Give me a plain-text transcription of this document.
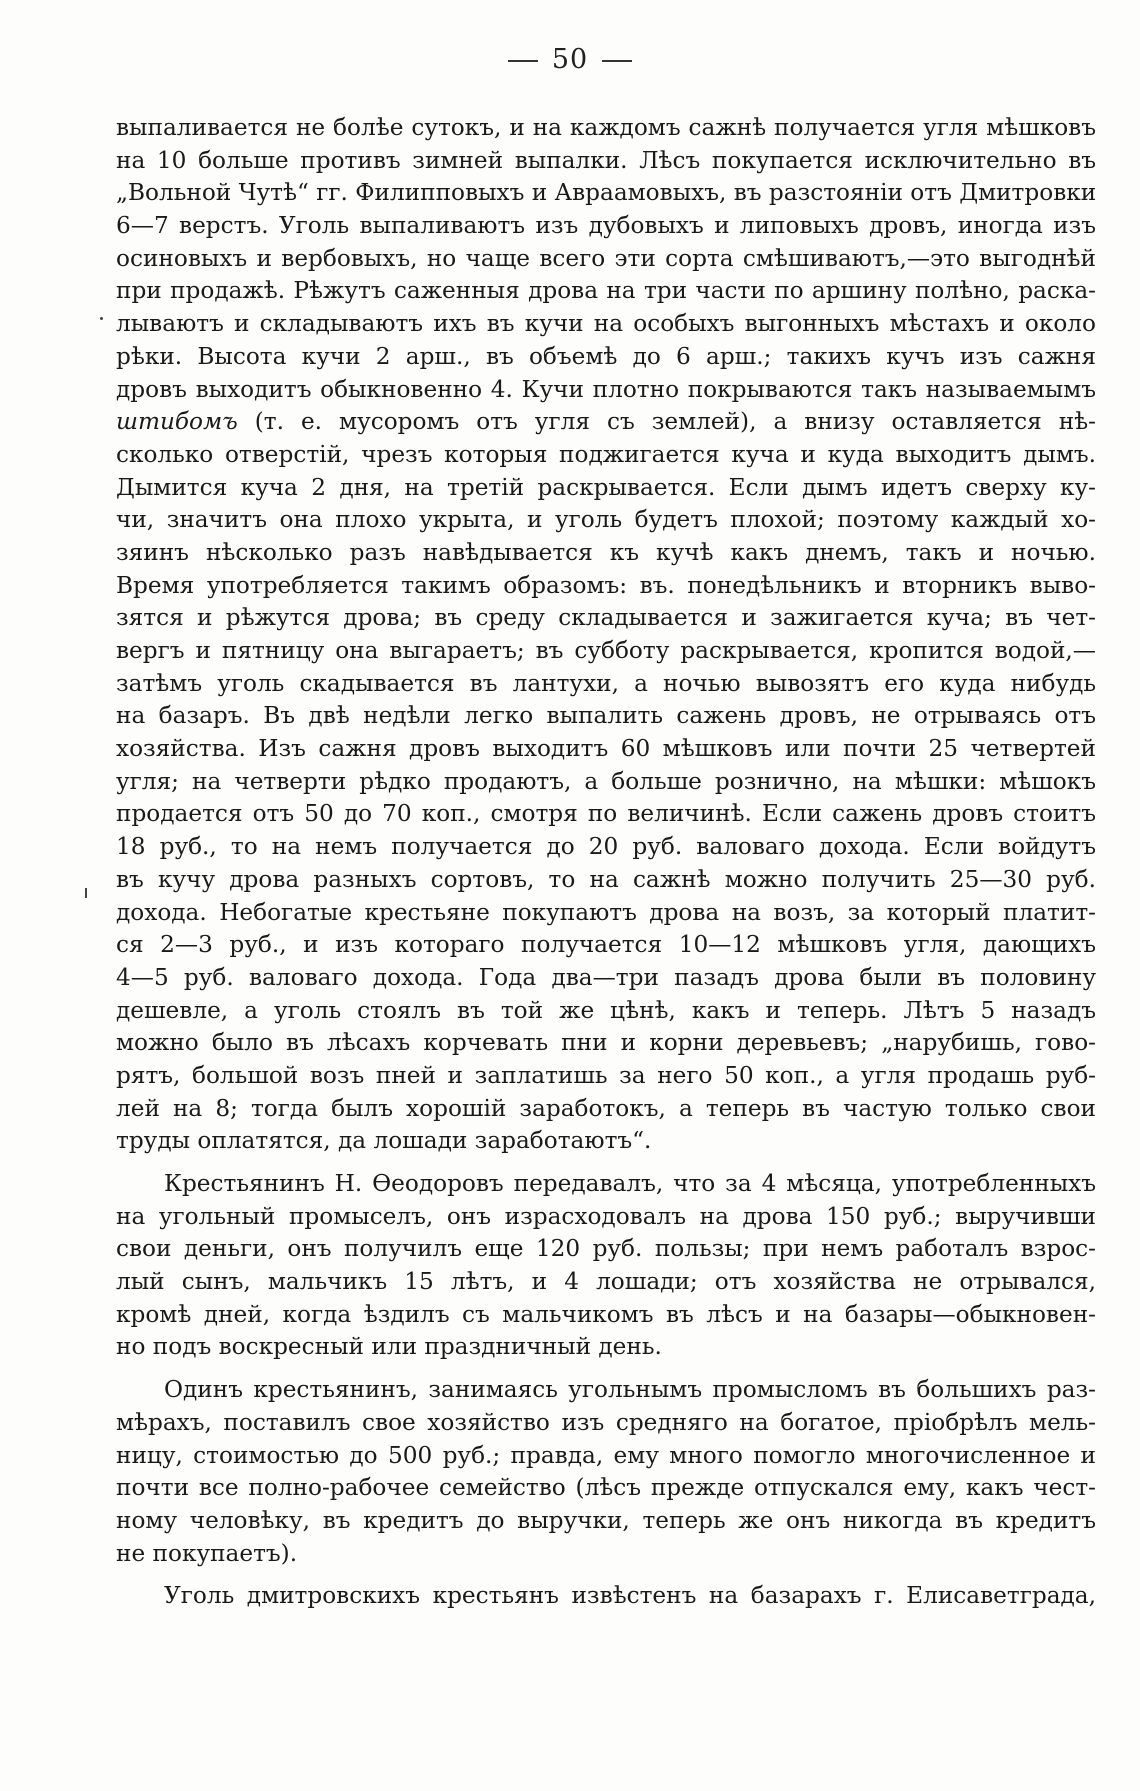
50
выпаливается не болѣе сутокъ, и на каждомъ сажнѣ получается угля мѣшковъ
на 10 больше противъ зимней выпалки. Лѣсъ покупается исключительно въ
„Вольной Чутѣ“ гг. Филипповыхъ и Авраамовыхъ, въ разстояніи отъ Дмитровки
6—7 верстъ. Уголь выпаливаютъ изъ дубовыхъ и липовыхъ дровъ, иногда изъ
осиновыхъ и вербовыхъ, но чаще всего эти сорта смѣшиваютъ,—это выгоднѣй
при продажѣ. Рѣжутъ саженныя дрова на три части по аршину полѣно, раска-
лываютъ и складываютъ ихъ въ кучи на особыхъ выгонныхъ мѣстахъ и около
рѣки. Высота кучи 2 арш., въ объемѣ до 6 арш.; такихъ кучъ изъ сажня
дровъ выходитъ обыкновенно 4. Кучи плотно покрываются такъ называемымъ
штибомъ (т. е. мусоромъ отъ угля съ землей), а внизу оставляется нѣ-
сколько отверстій, чрезъ которыя поджигается куча и куда выходитъ дымъ.
Дымится куча 2 дня, на третій раскрывается. Если дымъ идетъ сверху ку-
чи, значитъ она плохо укрыта, и уголь будетъ плохой; поэтому каждый хо-
зяинъ нѣсколько разъ навѣдывается къ кучѣ какъ днемъ, такъ и ночью.
Время употребляется такимъ образомъ: въ. понедѣльникъ и вторникъ выво-
зятся и рѣжутся дрова; въ среду складывается и зажигается куча; въ чет-
вергъ и пятницу она выгараетъ; въ субботу раскрывается, кропится водой,—
затѣмъ уголь скадывается въ лантухи, а ночью вывозятъ его куда нибудь
на базаръ. Въ двѣ недѣли легко выпалить сажень дровъ, не отрываясь отъ
хозяйства. Изъ сажня дровъ выходитъ 60 мѣшковъ или почти 25 четвертей
угля; на четверти рѣдко продаютъ, а больше рознично, на мѣшки: мѣшокъ
продается отъ 50 до 70 коп., смотря по величинѣ. Если сажень дровъ стоитъ
18 руб., то на немъ получается до 20 руб. валоваго дохода. Если войдутъ
въ кучу дрова разныхъ сортовъ, то на сажнѣ можно получить 25—30 руб.
дохода. Небогатые крестьяне покупаютъ дрова на возъ, за который платит-
ся 2—3 руб., и изъ котораго получается 10—12 мѣшковъ угля, дающихъ
4—5 руб. валоваго дохода. Года два—три пазадъ дрова были въ половину
дешевле, а уголь стоялъ въ той же цѣнѣ, какъ и теперь. Лѣтъ 5 назадъ
можно было въ лѣсахъ корчевать пни и корни деревьевъ; „нарубишь, гово-
рятъ, большой возъ пней и заплатишь за него 50 коп., а угля продашь руб-
лей на 8; тогда былъ хорошій заработокъ, а теперь въ частую только свои
труды оплатятся, да лошади заработаютъ“.
Крестьянинъ Н. Ѳеодоровъ передавалъ, что за 4 мѣсяца, употребленныхъ
на угольный промыселъ, онъ израсходовалъ на дрова 150 руб.; выручивши
свои деньги, онъ получилъ еще 120 руб. пользы; при немъ работалъ взрос-
лый сынъ, мальчикъ 15 лѣтъ, и 4 лошади; отъ хозяйства не отрывался,
кромѣ дней, когда ѣздилъ съ мальчикомъ въ лѣсъ и на базары—обыкновен-
но подъ воскресный или праздничный день.
Одинъ крестьянинъ, занимаясь угольнымъ промысломъ въ большихъ раз-
мѣрахъ, поставилъ свое хозяйство изъ средняго на богатое, пріобрѣлъ мель-
ницу, стоимостью до 500 руб.; правда, ему много помогло многочисленное и
почти все полно-рабочее семейство (лѣсъ прежде отпускался ему, какъ чест-
ному человѣку, въ кредитъ до выручки, теперь же онъ никогда въ кредитъ
не покупаетъ).
Уголь дмитровскихъ крестьянъ извѣстенъ на базарахъ г. Елисаветграда,
